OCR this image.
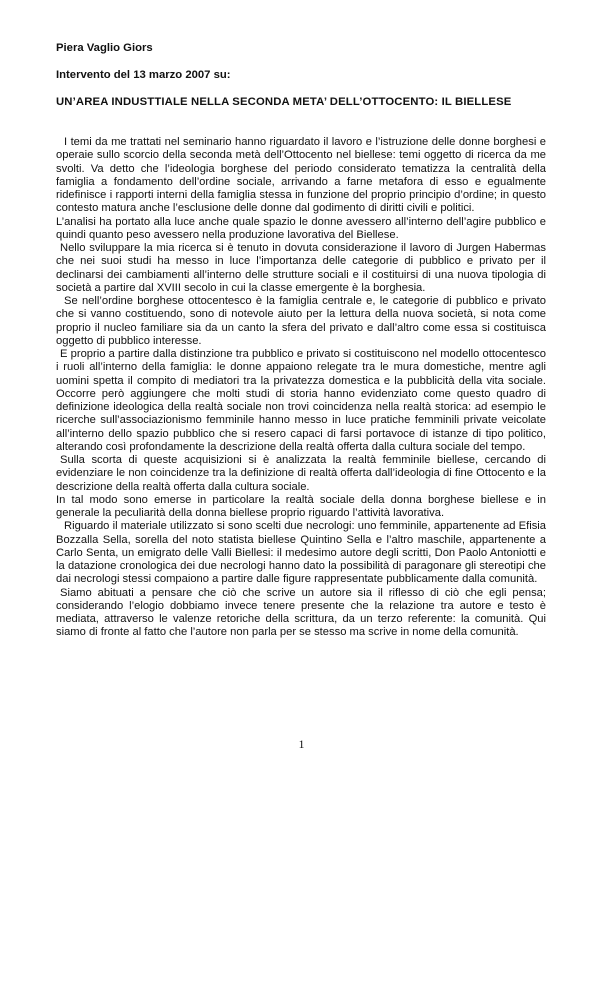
Piera Vaglio Giors

Intervento del 13 marzo 2007 su:

UN’AREA INDUSTTIALE NELLA SECONDA META’ DELL’OTTOCENTO: IL BIELLESE

I temi da me trattati nel seminario hanno riguardato il lavoro e l’istruzione delle donne borghesi e operaie sullo scorcio della seconda metà dell’Ottocento nel biellese: temi oggetto di ricerca da me svolti. Va detto che l’ideologia borghese del periodo considerato tematizza la centralità della famiglia a fondamento dell’ordine sociale, arrivando a farne metafora di esso e egualmente ridefinisce i rapporti interni della famiglia stessa in funzione del proprio principio d’ordine; in questo contesto matura anche l’esclusione delle donne dal godimento di diritti civili e politici.

L’analisi ha portato alla luce anche quale spazio le donne avessero all’interno dell’agire pubblico e quindi quanto peso avessero nella produzione lavorativa del Biellese.

Nello sviluppare la mia ricerca si è tenuto in dovuta considerazione il lavoro di Jurgen Habermas che nei suoi studi ha messo in luce l’importanza delle categorie di pubblico e privato per il declinarsi dei cambiamenti all’interno delle strutture sociali e il costituirsi di una nuova tipologia di società a partire dal XVIII secolo in cui la classe emergente è la borghesia.

Se nell’ordine borghese ottocentesco è la famiglia centrale e, le categorie di pubblico e privato che si vanno costituendo, sono di notevole aiuto per la lettura della nuova società, si nota come proprio il nucleo familiare sia da un canto la sfera del privato e dall’altro come essa si costituisca oggetto di pubblico interesse.

E proprio a partire dalla distinzione tra pubblico e privato si costituiscono nel modello ottocentesco i ruoli all’interno della famiglia: le donne appaiono relegate tra le mura domestiche, mentre agli uomini spetta il compito di mediatori tra la privatezza domestica e la pubblicità della vita sociale. Occorre però aggiungere che molti studi di storia hanno evidenziato come questo quadro di definizione ideologica della realtà sociale non trovi coincidenza nella realtà storica: ad esempio le ricerche sull’associazionismo femminile hanno messo in luce pratiche femminili private veicolate all’interno dello spazio pubblico che si resero capaci di farsi portavoce di istanze di tipo politico, alterando così profondamente la descrizione della realtà offerta dalla cultura sociale del tempo.

Sulla scorta di queste acquisizioni si è analizzata la realtà femminile biellese, cercando di evidenziare le non coincidenze tra la definizione di realtà offerta dall’ideologia di fine Ottocento e la descrizione della realtà offerta dalla cultura sociale.

In tal modo sono emerse in particolare la realtà sociale della donna borghese biellese e in generale la peculiarità della donna biellese proprio riguardo l’attività lavorativa.

Riguardo il materiale utilizzato si sono scelti due necrologi: uno femminile, appartenente ad Efisia Bozzalla Sella, sorella del noto statista biellese Quintino Sella e l’altro maschile, appartenente a Carlo Senta, un emigrato delle Valli Biellesi: il medesimo autore degli scritti, Don Paolo Antoniotti e la datazione cronologica dei due necrologi hanno dato la possibilità di paragonare gli stereotipi che dai necrologi stessi compaiono a partire dalle figure rappresentate pubblicamente dalla comunità.

Siamo abituati a pensare che ciò che scrive un autore sia il riflesso di ciò che egli pensa; considerando l’elogio dobbiamo invece tenere presente che la relazione tra autore e testo è mediata, attraverso le valenze retoriche della scrittura, da un terzo referente: la comunità. Qui siamo di fronte al fatto che l’autore non parla per se stesso ma scrive in nome della comunità.

1
